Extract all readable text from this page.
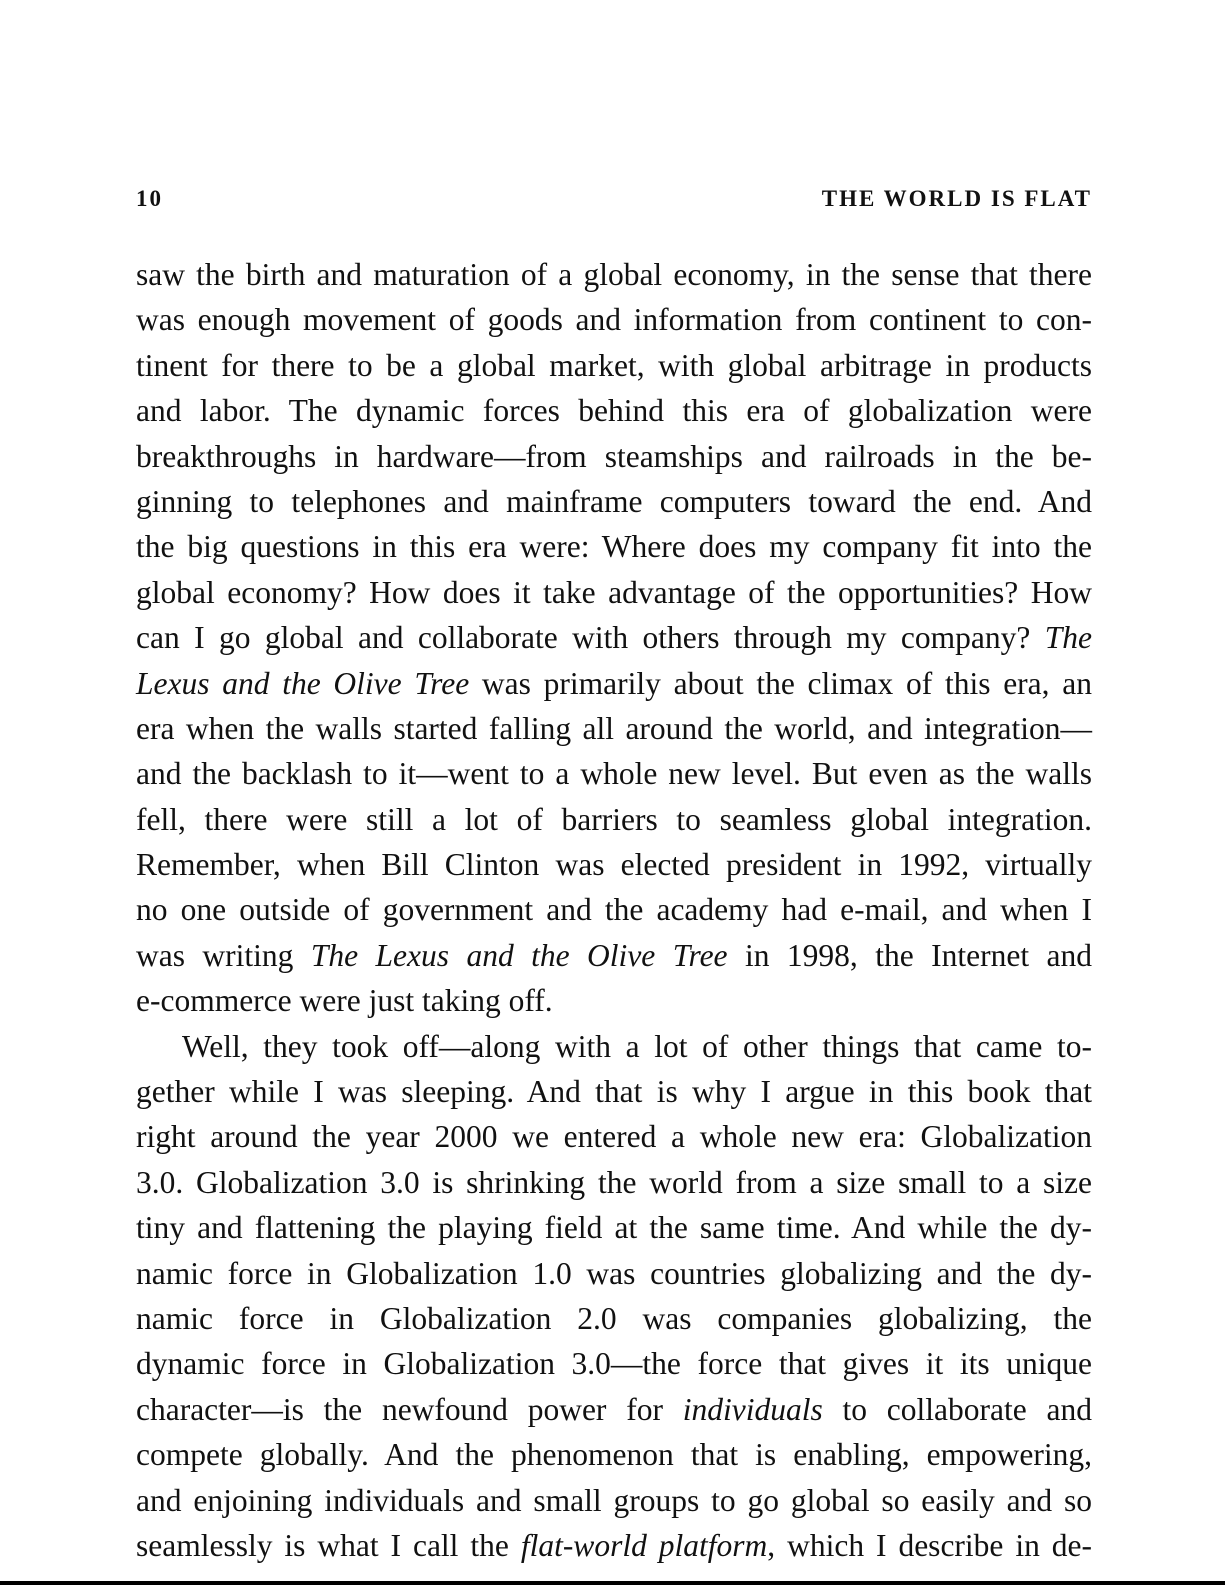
10	THE WORLD IS FLAT
saw the birth and maturation of a global economy, in the sense that there
was enough movement of goods and information from continent to con-
tinent for there to be a global market, with global arbitrage in products
and labor. The dynamic forces behind this era of globalization were
breakthroughs in hardware—from steamships and railroads in the be-
ginning to telephones and mainframe computers toward the end. And
the big questions in this era were: Where does my company fit into the
global economy? How does it take advantage of the opportunities? How
can I go global and collaborate with others through my company? The
Lexus and the Olive Tree was primarily about the climax of this era, an
era when the walls started falling all around the world, and integration—
and the backlash to it—went to a whole new level. But even as the walls
fell, there were still a lot of barriers to seamless global integration.
Remember, when Bill Clinton was elected president in 1992, virtually
no one outside of government and the academy had e-mail, and when I
was writing The Lexus and the Olive Tree in 1998, the Internet and
e-commerce were just taking off.
Well, they took off—along with a lot of other things that came to-
gether while I was sleeping. And that is why I argue in this book that
right around the year 2000 we entered a whole new era: Globalization
3.0. Globalization 3.0 is shrinking the world from a size small to a size
tiny and flattening the playing field at the same time. And while the dy-
namic force in Globalization 1.0 was countries globalizing and the dy-
namic force in Globalization 2.0 was companies globalizing, the
dynamic force in Globalization 3.0—the force that gives it its unique
character—is the newfound power for individuals to collaborate and
compete globally. And the phenomenon that is enabling, empowering,
and enjoining individuals and small groups to go global so easily and so
seamlessly is what I call the flat-world platform, which I describe in de-
